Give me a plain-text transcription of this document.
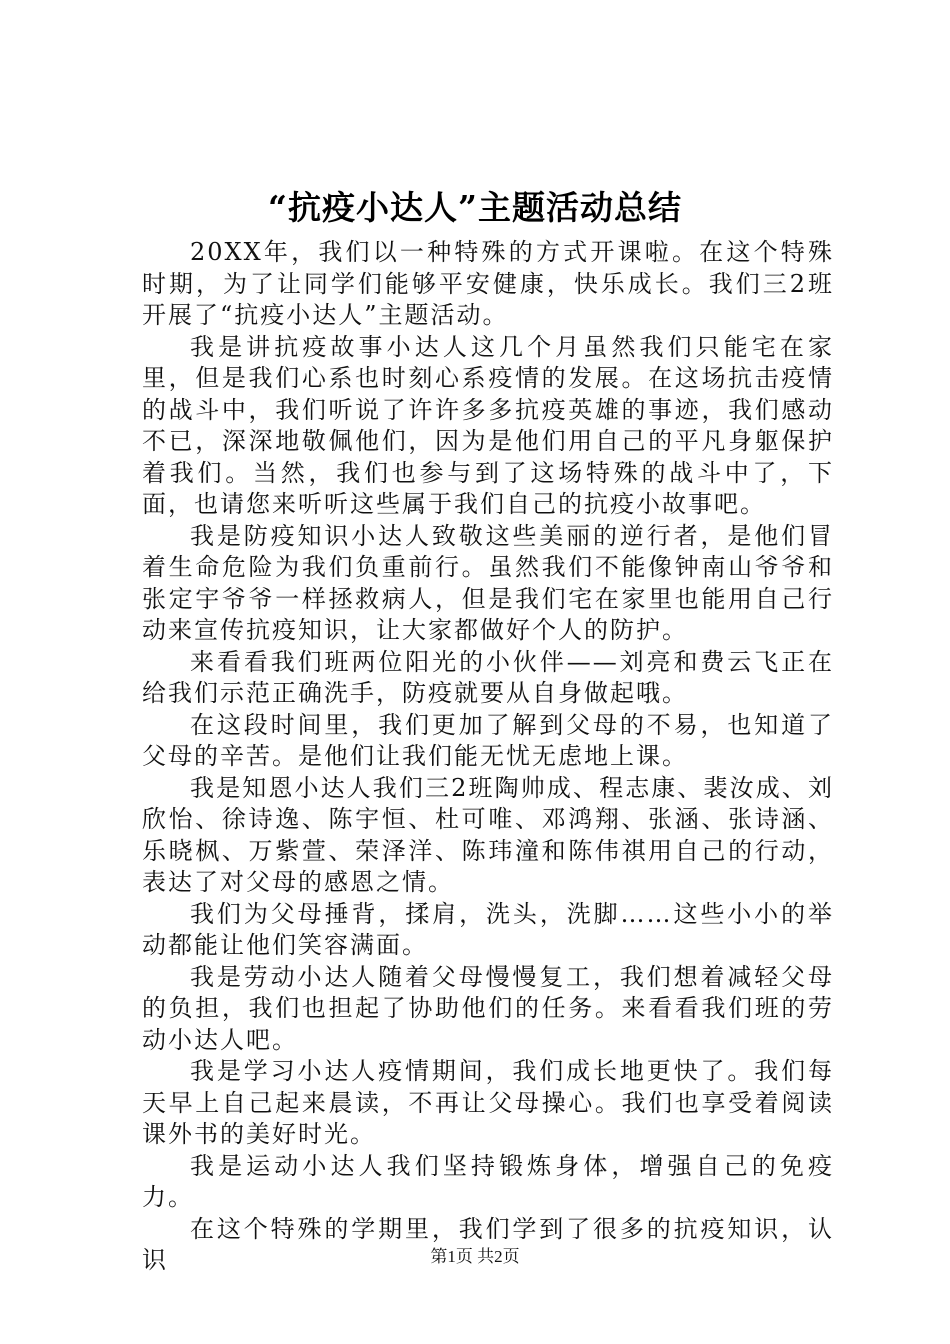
“抗疫小达人”主题活动总结

20XX年，我们以一种特殊的方式开课啦。在这个特殊时期，为了让同学们能够平安健康，快乐成长。我们三2班开展了“抗疫小达人”主题活动。

我是讲抗疫故事小达人这几个月虽然我们只能宅在家里，但是我们心系也时刻心系疫情的发展。在这场抗击疫情的战斗中，我们听说了许许多多抗疫英雄的事迹，我们感动不已，深深地敬佩他们，因为是他们用自己的平凡身躯保护着我们。当然，我们也参与到了这场特殊的战斗中了，下面，也请您来听听这些属于我们自己的抗疫小故事吧。

我是防疫知识小达人致敬这些美丽的逆行者，是他们冒着生命危险为我们负重前行。虽然我们不能像钟南山爷爷和张定宇爷爷一样拯救病人，但是我们宅在家里也能用自己行动来宣传抗疫知识，让大家都做好个人的防护。

来看看我们班两位阳光的小伙伴——刘亮和费云飞正在给我们示范正确洗手，防疫就要从自身做起哦。

在这段时间里，我们更加了解到父母的不易，也知道了父母的辛苦。是他们让我们能无忧无虑地上课。

我是知恩小达人我们三2班陶帅成、程志康、裴汝成、刘欣怡、徐诗逸、陈宇恒、杜可唯、邓鸿翔、张涵、张诗涵、乐晓枫、万紫萱、荣泽洋、陈玮潼和陈伟祺用自己的行动，表达了对父母的感恩之情。

我们为父母捶背，揉肩，洗头，洗脚……这些小小的举动都能让他们笑容满面。

我是劳动小达人随着父母慢慢复工，我们想着减轻父母的负担，我们也担起了协助他们的任务。来看看我们班的劳动小达人吧。

我是学习小达人疫情期间，我们成长地更快了。我们每天早上自己起来晨读，不再让父母操心。我们也享受着阅读课外书的美好时光。

我是运动小达人我们坚持锻炼身体，增强自己的免疫力。

在这个特殊的学期里，我们学到了很多的抗疫知识，认识	第1页 共2页
